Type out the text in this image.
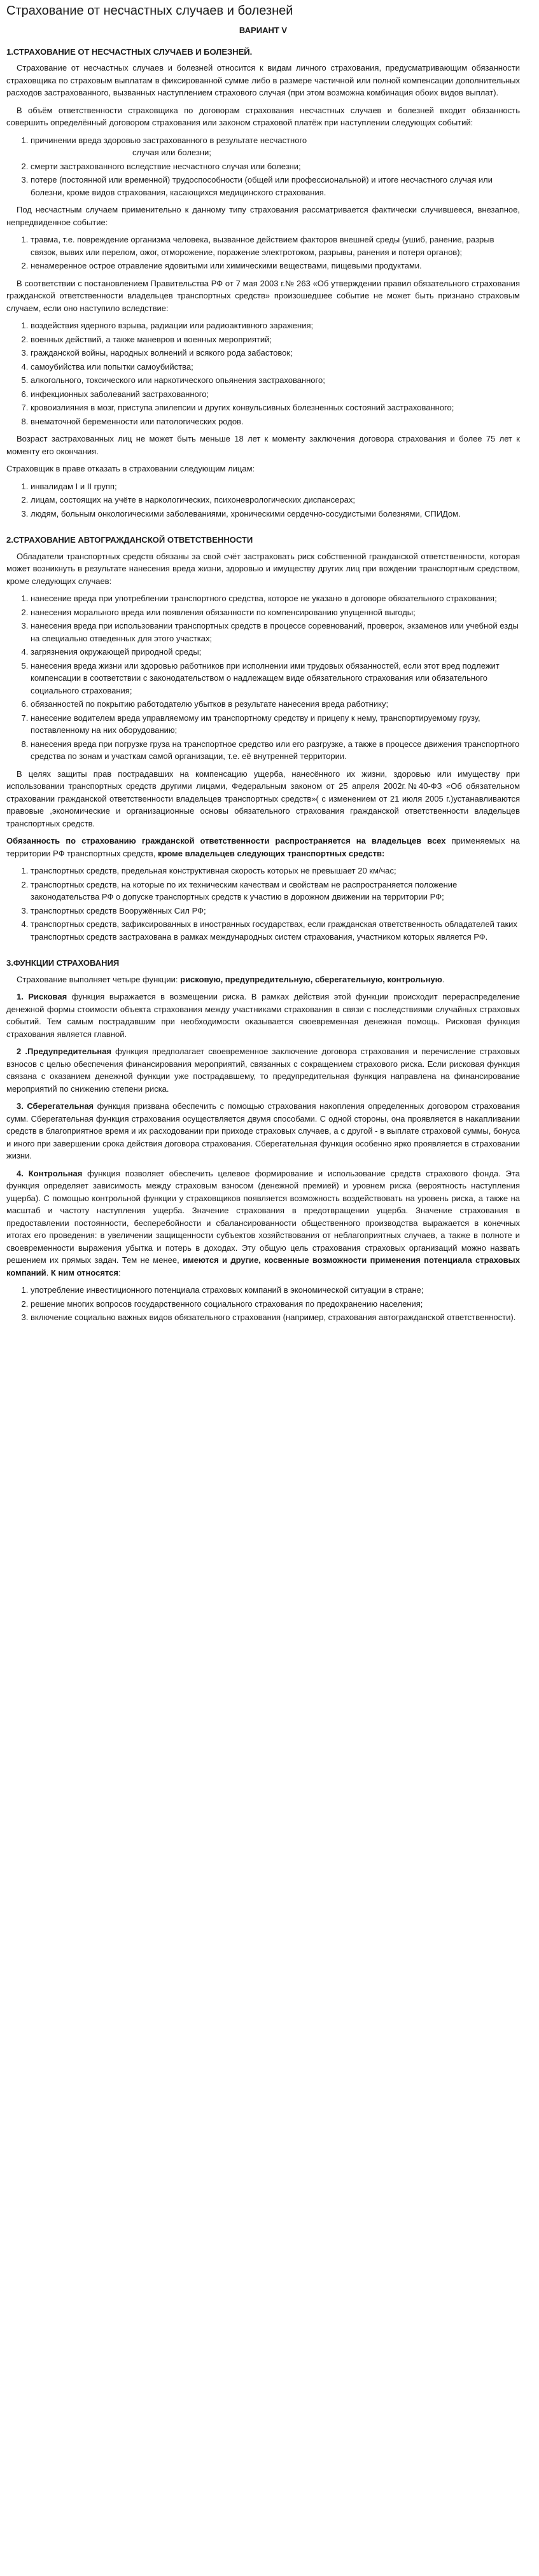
Страхование от несчастных случаев и болезней
ВАРИАНТ V
1.СТРАХОВАНИЕ ОТ НЕСЧАСТНЫХ СЛУЧАЕВ И БОЛЕЗНЕЙ.

Страхование от несчастных случаев и болезней относится к видам личного страхования, предусматривающим обязанности страховщика по страховым выплатам в фиксированной сумме либо в размере частичной или полной компенсации дополнительных расходов застрахованного, вызванных наступлением страхового случая (при этом возможна комбинация обоих видов выплат).

В объём ответственности страховщика по договорам страхования несчастных случаев и болезней входит обязанность совершить определённый договором страхования или законом страховой платёж при наступлении следующих событий:

1. причинении вреда здоровью застрахованного в результате несчастного
случая или болезни;
2. смерти застрахованного вследствие несчастного случая или болезни;
3. потере (постоянной или временной) трудоспособности (общей или профессиональной) и итоге несчастного случая или болезни, кроме видов страхования, касающихся медицинского страхования.

Под несчастным случаем применительно к данному типу страхования рассматривается фактически случившееся, внезапное, непредвиденное событие:

1. травма, т.е. повреждение организма человека, вызванное действием факторов внешней среды (ушиб, ранение, разрыв связок, вывих или перелом, ожог, отморожение, поражение электротоком, разрывы, ранения и потеря органов);
2. ненамеренное острое отравление ядовитыми или химическими веществами, пищевыми продуктами.

В соответствии с постановлением Правительства РФ от 7 мая 2003 г.№ 263 «Об утверждении правил обязательного страхования гражданской ответственности владельцев транспортных средств» произошедшее событие не может быть признано страховым случаем, если оно наступило вследствие:

1. воздействия ядерного взрыва, радиации или радиоактивного заражения;
2. военных действий, а также маневров и военных мероприятий;
3. гражданской войны, народных волнений и всякого рода забастовок;
4. самоубийства или попытки самоубийства;
5. алкогольного, токсического или наркотического опьянения застрахованного;
6. инфекционных заболеваний застрахованного;
7. кровоизлияния в мозг, приступа эпилепсии и других конвульсивных болезненных состояний застрахованного;
8. внематочной беременности или патологических родов.

Возраст застрахованных лиц не может быть меньше 18 лет к моменту заключения договора страхования и более 75 лет к моменту его окончания.

Страховщик в праве отказать в страховании следующим лицам:

1. инвалидам I и II групп;
2. лицам, состоящих на учёте в наркологических, психоневрологических диспансерах;
3. людям, больным онкологическими заболеваниями, хроническими сердечно-сосудистыми болезнями, СПИДом.
2.СТРАХОВАНИЕ АВТОГРАЖДАНСКОЙ ОТВЕТСТВЕННОСТИ

Обладатели транспортных средств обязаны за свой счёт застраховать риск собственной гражданской ответственности, которая может возникнуть в результате нанесения вреда жизни, здоровью и имуществу других лиц при вождении транспортным средством, кроме следующих случаев:

1. нанесение вреда при употреблении транспортного средства, которое не указано в договоре обязательного страхования;
2. нанесения морального вреда или появления обязанности по компенсированию упущенной выгоды;
3. нанесения вреда при использовании транспортных средств в процессе соревнований, проверок, экзаменов или учебной езды на специально отведенных для этого участках;
4. загрязнения окружающей природной среды;
5. нанесения вреда жизни или здоровью работников при исполнении ими трудовых обязанностей, если этот вред подлежит компенсации в соответствии с законодательством о надлежащем виде обязательного страхования или обязательного социального страхования;
6. обязанностей по покрытию работодателю убытков в результате нанесения вреда работнику;
7. нанесение водителем вреда управляемому им транспортному средству и прицепу к нему, транспортируемому грузу, поставленному на них оборудованию;
8. нанесения вреда при погрузке груза на транспортное средство или его разгрузке, а также в процессе движения транспортного средства по зонам и участкам самой организации, т.е. её внутренней территории.

В целях защиты прав пострадавших на компенсацию ущерба, нанесённого их жизни, здоровью или имуществу при использовании транспортных средств другими лицами, Федеральным законом от 25 апреля 2002г.№40-ФЗ «Об обязательном страховании гражданской ответственности владельцев транспортных средств»( с изменением от 21 июля 2005 г.)устанавливаются правовые ,экономические и организационные основы обязательного страхования гражданской ответственности владельцев транспортных средств.

Обязанность по страхованию гражданской ответственности распространяется на владельцев всех применяемых на территории РФ транспортных средств, кроме владельцев следующих транспортных средств:

1. транспортных средств, предельная конструктивная скорость которых не превышает 20 км/час;
2. транспортных средств, на которые по их техническим качествам и свойствам не распространяется положение законодательства РФ о допуске транспортных средств к участию в дорожном движении на территории РФ;
3. транспортных средств Вооружённых Сил РФ;
4. транспортных средств, зафиксированных в иностранных государствах, если гражданская ответственность обладателей таких транспортных средств застрахована в рамках международных систем страхования, участником которых является РФ.
3.ФУНКЦИИ СТРАХОВАНИЯ

Страхование выполняет четыре функции: рисковую, предупредительную, сберегательную, контрольную.

1. Рисковая функция выражается в возмещении риска. В рамках действия этой функции происходит перераспределение денежной формы стоимости объекта страхования между участниками страхования в связи с последствиями случайных страховых событий. Тем самым пострадавшим при необходимости оказывается своевременная денежная помощь. Рисковая функция страхования является главной.

2 .Предупредительная функция предполагает своевременное заключение договора страхования и перечисление страховых взносов с целью обеспечения финансирования мероприятий, связанных с сокращением страхового риска. Если рисковая функция связана с оказанием денежной функции уже пострадавшему, то предупредительная функция направлена на финансирование мероприятий по снижению степени риска.

3. Сберегательная функция призвана обеспечить с помощью страхования накопления определенных договором страхования сумм. Сберегательная функция страхования осуществляется двумя способами. С одной стороны, она проявляется в накапливании средств в благоприятное время и их расходовании при приходе страховых случаев, а с другой - в выплате страховой суммы, бонуса и иного при завершении срока действия договора страхования. Сберегательная функция особенно ярко проявляется в страховании жизни.

4. Контрольная функция позволяет обеспечить целевое формирование и использование средств страхового фонда. Эта функция определяет зависимость между страховым взносом (денежной премией) и уровнем риска (вероятность наступления ущерба). С помощью контрольной функции у страховщиков появляется возможность воздействовать на уровень риска, а также на масштаб и частоту наступления ущерба. Значение страхования в предотвращении ущерба. Значение страхования в предоставлении постоянности, бесперебойности и сбалансированности общественного производства выражается в конечных итогах его проведения: в увеличении защищенности субъектов хозяйствования от неблагоприятных случаев, а также в полноте и своевременности выражения убытка и потерь в доходах. Эту общую цель страхования страховых организаций можно назвать решением их прямых задач. Тем не менее, имеются и другие, косвенные возможности применения потенциала страховых компаний. К ним относятся:

1. употребление инвестиционного потенциала страховых компаний в экономической ситуации в стране;
2. решение многих вопросов государственного социального страхования по предохранению населения;
3. включение социально важных видов обязательного страхования (например, страхования автогражданской ответственности).
